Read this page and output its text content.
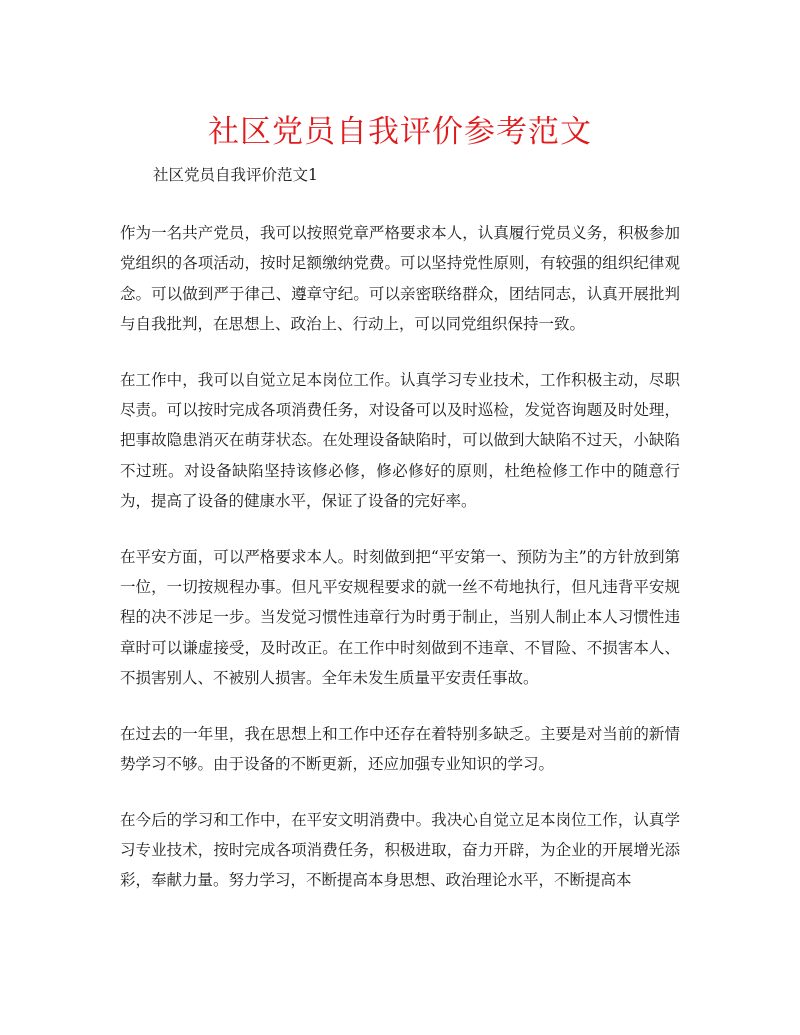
社区党员自我评价参考范文

社区党员自我评价范文1

作为一名共产党员，我可以按照党章严格要求本人，认真履行党员义务，积极参加党组织的各项活动，按时足额缴纳党费。可以坚持党性原则，有较强的组织纪律观念。可以做到严于律己、遵章守纪。可以亲密联络群众，团结同志，认真开展批判与自我批判，在思想上、政治上、行动上，可以同党组织保持一致。

在工作中，我可以自觉立足本岗位工作。认真学习专业技术，工作积极主动，尽职尽责。可以按时完成各项消费任务，对设备可以及时巡检，发觉咨询题及时处理，把事故隐患消灭在萌芽状态。在处理设备缺陷时，可以做到大缺陷不过天，小缺陷不过班。对设备缺陷坚持该修必修，修必修好的原则，杜绝检修工作中的随意行为，提高了设备的健康水平，保证了设备的完好率。

在平安方面，可以严格要求本人。时刻做到把“平安第一、预防为主”的方针放到第一位，一切按规程办事。但凡平安规程要求的就一丝不苟地执行，但凡违背平安规程的决不涉足一步。当发觉习惯性违章行为时勇于制止，当别人制止本人习惯性违章时可以谦虚接受，及时改正。在工作中时刻做到不违章、不冒险、不损害本人、不损害别人、不被别人损害。全年未发生质量平安责任事故。

在过去的一年里，我在思想上和工作中还存在着特别多缺乏。主要是对当前的新情势学习不够。由于设备的不断更新，还应加强专业知识的学习。

在今后的学习和工作中，在平安文明消费中。我决心自觉立足本岗位工作，认真学习专业技术，按时完成各项消费任务，积极进取，奋力开辟，为企业的开展增光添彩，奉献力量。努力学习，不断提高本身思想、政治理论水平，不断提高本
